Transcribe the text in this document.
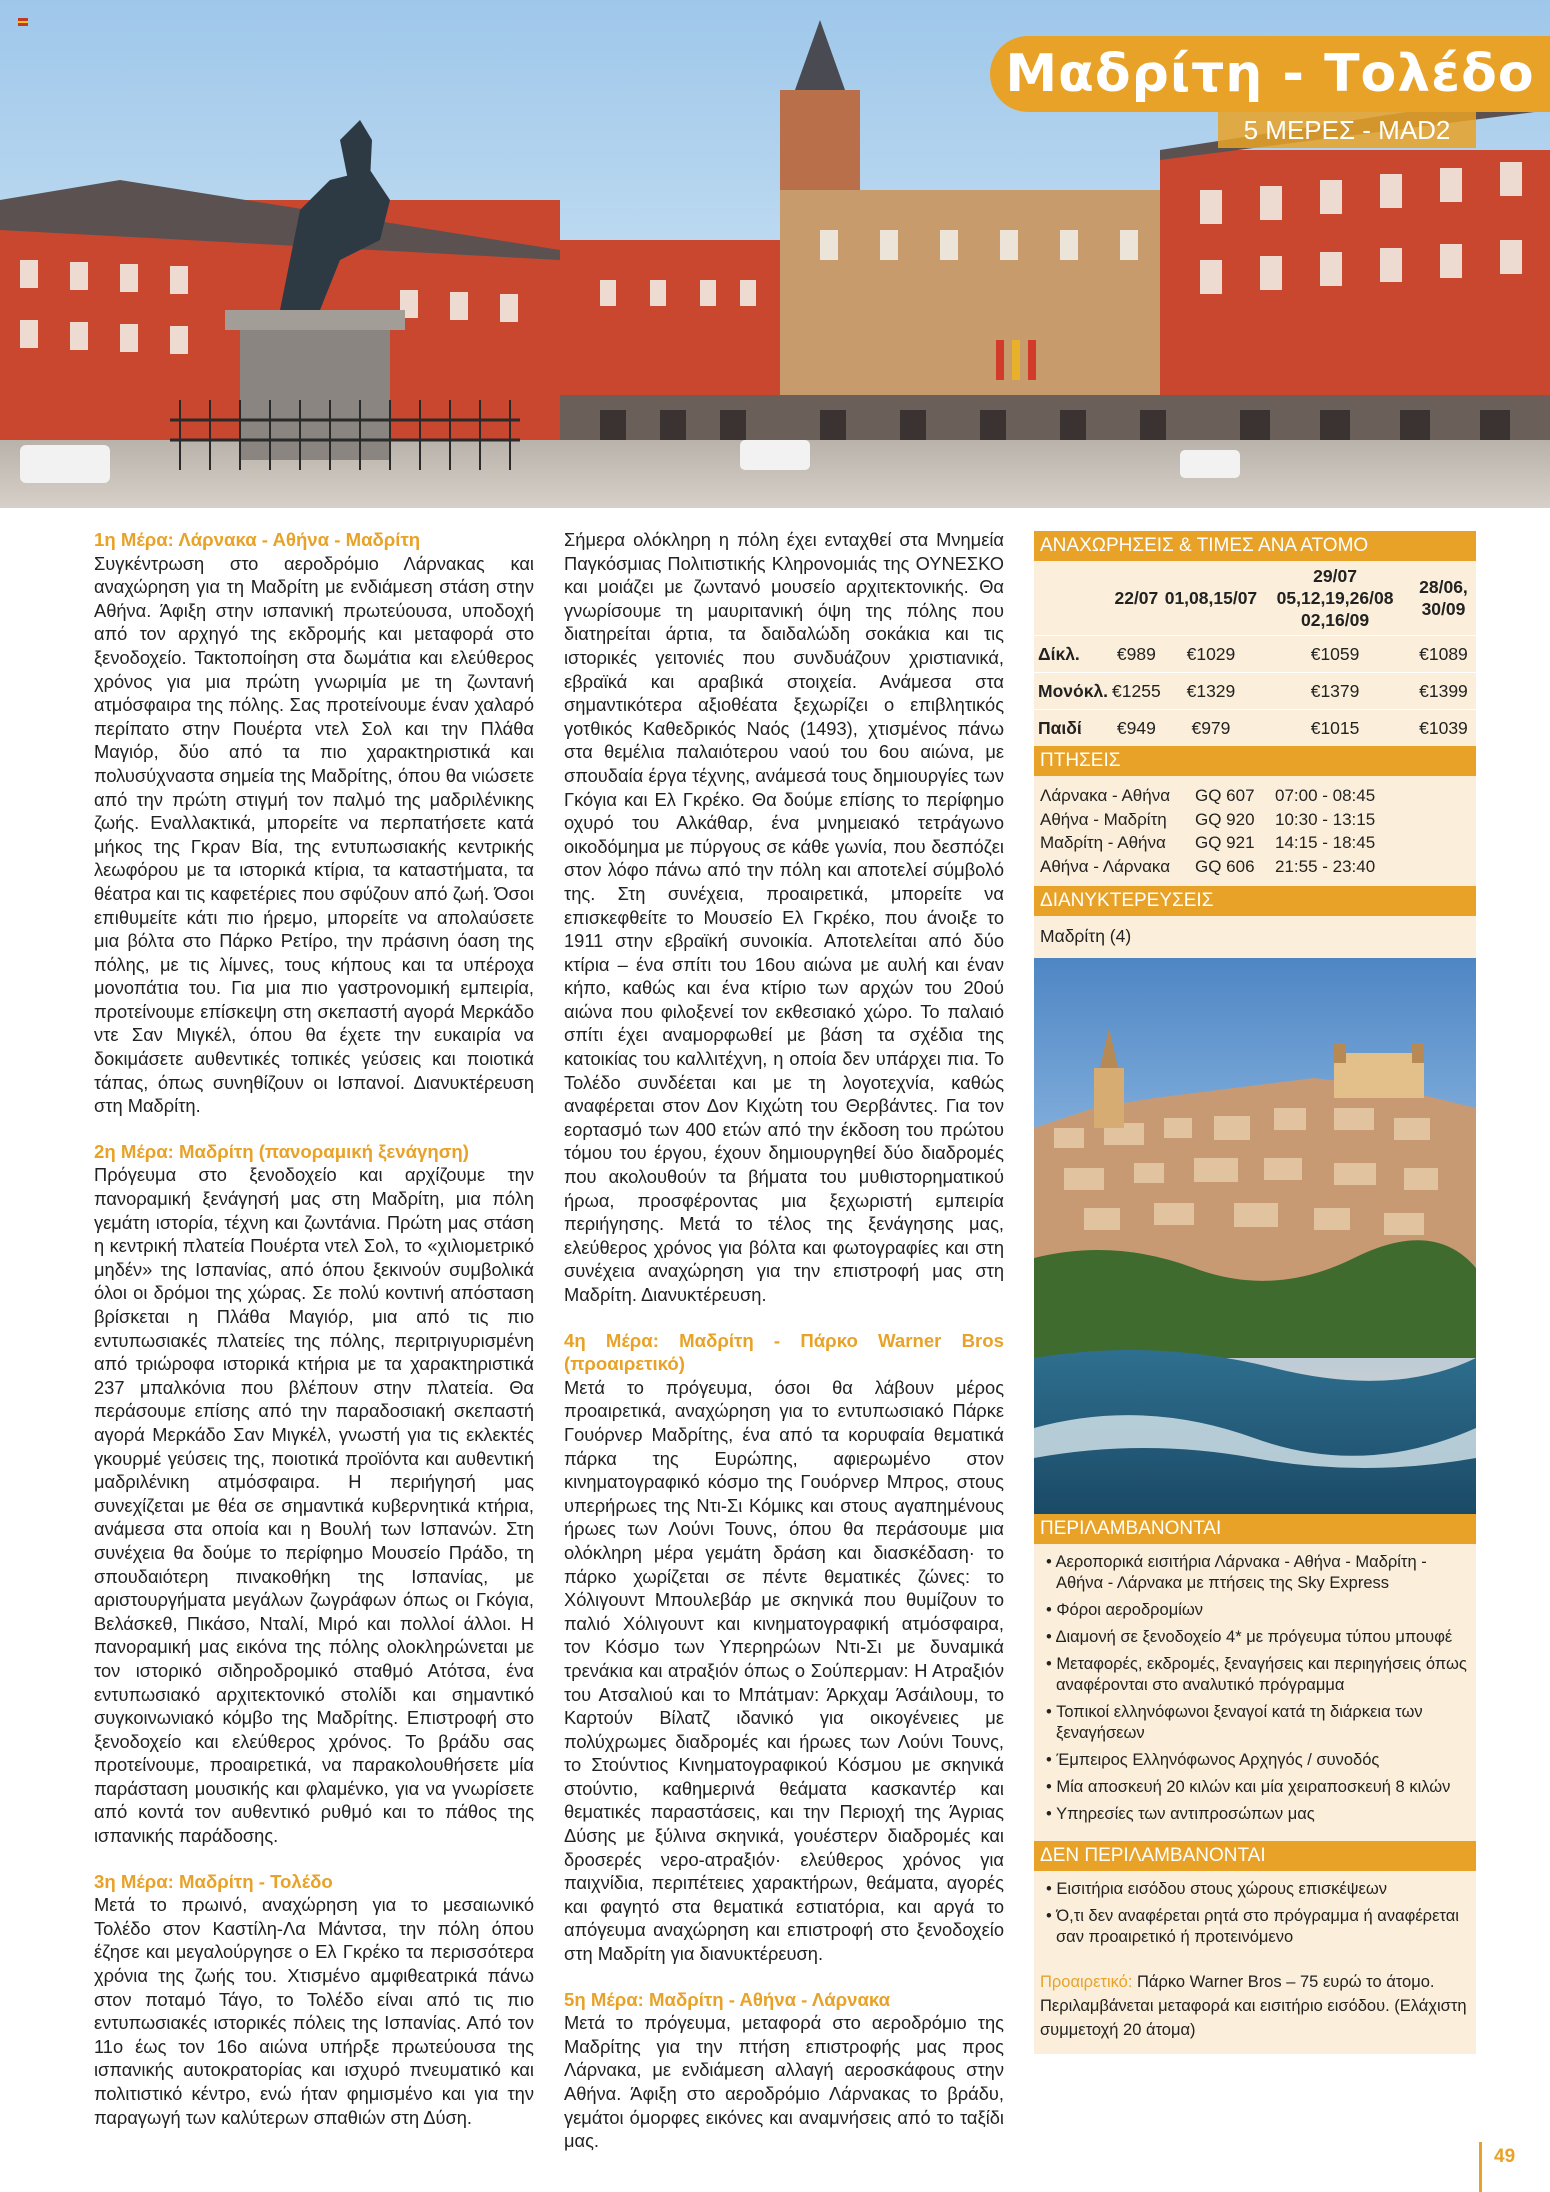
Μαδρίτη - Τολέδο
5 ΜΕΡΕΣ - MAD2
1η Μέρα: Λάρνακα - Αθήνα - Μαδρίτη

Συγκέντρωση στο αεροδρόμιο Λάρνακας και αναχώρηση για τη Μαδρίτη με ενδιάμεση στάση στην Αθήνα. Άφιξη στην ισπανική πρωτεύουσα, υποδοχή από τον αρχηγό της εκδρομής και μεταφορά στο ξενοδοχείο. Τακτοποίηση στα δωμάτια και ελεύθερος χρόνος για μια πρώτη γνωριμία με τη ζωντανή ατμόσφαιρα της πόλης. Σας προτείνουμε έναν χαλαρό περίπατο στην Πουέρτα ντελ Σολ και την Πλάθα Μαγιόρ, δύο από τα πιο χαρακτηριστικά και πολυσύχναστα σημεία της Μαδρίτης, όπου θα νιώσετε από την πρώτη στιγμή τον παλμό της μαδριλένικης ζωής. Εναλλακτικά, μπορείτε να περπατήσετε κατά μήκος της Γκραν Βία, της εντυπωσιακής κεντρικής λεωφόρου με τα ιστορικά κτίρια, τα καταστήματα, τα θέατρα και τις καφετέριες που σφύζουν από ζωή. Όσοι επιθυμείτε κάτι πιο ήρεμο, μπορείτε να απολαύσετε μια βόλτα στο Πάρκο Ρετίρο, την πράσινη όαση της πόλης, με τις λίμνες, τους κήπους και τα υπέροχα μονοπάτια του. Για μια πιο γαστρονομική εμπειρία, προτείνουμε επίσκεψη στη σκεπαστή αγορά Μερκάδο ντε Σαν Μιγκέλ, όπου θα έχετε την ευκαιρία να δοκιμάσετε αυθεντικές τοπικές γεύσεις και ποιοτικά τάπας, όπως συνηθίζουν οι Ισπανοί. Διανυκτέρευση στη Μαδρίτη.

2η Μέρα: Μαδρίτη (πανοραμική ξενάγηση)

Πρόγευμα στο ξενοδοχείο και αρχίζουμε την πανοραμική ξενάγησή μας στη Μαδρίτη, μια πόλη γεμάτη ιστορία, τέχνη και ζωντάνια. Πρώτη μας στάση η κεντρική πλατεία Πουέρτα ντελ Σολ, το «χιλιομετρικό μηδέν» της Ισπανίας, από όπου ξεκινούν συμβολικά όλοι οι δρόμοι της χώρας. Σε πολύ κοντινή απόσταση βρίσκεται η Πλάθα Μαγιόρ, μια από τις πιο εντυπωσιακές πλατείες της πόλης, περιτριγυρισμένη από τριώροφα ιστορικά κτήρια με τα χαρακτηριστικά 237 μπαλκόνια που βλέπουν στην πλατεία. Θα περάσουμε επίσης από την παραδοσιακή σκεπαστή αγορά Μερκάδο Σαν Μιγκέλ, γνωστή για τις εκλεκτές γκουρμέ γεύσεις της, ποιοτικά προϊόντα και αυθεντική μαδριλένικη ατμόσφαιρα. Η περιήγησή μας συνεχίζεται με θέα σε σημαντικά κυβερνητικά κτήρια, ανάμεσα στα οποία και η Βουλή των Ισπανών. Στη συνέχεια θα δούμε το περίφημο Μουσείο Πράδο, τη σπουδαιότερη πινακοθήκη της Ισπανίας, με αριστουργήματα μεγάλων ζωγράφων όπως οι Γκόγια, Βελάσκεθ, Πικάσο, Νταλί, Μιρό και πολλοί άλλοι. Η πανοραμική μας εικόνα της πόλης ολοκληρώνεται με τον ιστορικό σιδηροδρομικό σταθμό Ατότσα, ένα εντυπωσιακό αρχιτεκτονικό στολίδι και σημαντικό συγκοινωνιακό κόμβο της Μαδρίτης. Επιστροφή στο ξενοδοχείο και ελεύθερος χρόνος. Το βράδυ σας προτείνουμε, προαιρετικά, να παρακολουθήσετε μία παράσταση μουσικής και φλαμένκο, για να γνωρίσετε από κοντά τον αυθεντικό ρυθμό και το πάθος της ισπανικής παράδοσης.

3η Μέρα: Μαδρίτη - Τολέδο

Μετά το πρωινό, αναχώρηση για το μεσαιωνικό Τολέδο στον Καστίλη-Λα Μάντσα, την πόλη όπου έζησε και μεγαλούργησε ο Ελ Γκρέκο τα περισσότερα χρόνια της ζωής του. Χτισμένο αμφιθεατρικά πάνω στον ποταμό Τάγο, το Τολέδο είναι από τις πιο εντυπωσιακές ιστορικές πόλεις της Ισπανίας. Από τον 11ο έως τον 16ο αιώνα υπήρξε πρωτεύουσα της ισπανικής αυτοκρατορίας και ισχυρό πνευματικό και πολιτιστικό κέντρο, ενώ ήταν φημισμένο και για την παραγωγή των καλύτερων σπαθιών στη Δύση.

Σήμερα ολόκληρη η πόλη έχει ενταχθεί στα Μνημεία Παγκόσμιας Πολιτιστικής Κληρονομιάς της ΟΥΝΕΣΚΟ και μοιάζει με ζωντανό μουσείο αρχιτεκτονικής. Θα γνωρίσουμε τη μαυριτανική όψη της πόλης που διατηρείται άρτια, τα δαιδαλώδη σοκάκια και τις ιστορικές γειτονιές που συνδυάζουν χριστιανικά, εβραϊκά και αραβικά στοιχεία. Ανάμεσα στα σημαντικότερα αξιοθέατα ξεχωρίζει ο επιβλητικός γοτθικός Καθεδρικός Ναός (1493), χτισμένος πάνω στα θεμέλια παλαιότερου ναού του 6ου αιώνα, με σπουδαία έργα τέχνης, ανάμεσά τους δημιουργίες των Γκόγια και Ελ Γκρέκο. Θα δούμε επίσης το περίφημο οχυρό του Αλκάθαρ, ένα μνημειακό τετράγωνο οικοδόμημα με πύργους σε κάθε γωνία, που δεσπόζει στον λόφο πάνω από την πόλη και αποτελεί σύμβολό της. Στη συνέχεια, προαιρετικά, μπορείτε να επισκεφθείτε το Μουσείο Ελ Γκρέκο, που άνοιξε το 1911 στην εβραϊκή συνοικία. Αποτελείται από δύο κτίρια – ένα σπίτι του 16ου αιώνα με αυλή και έναν κήπο, καθώς και ένα κτίριο των αρχών του 20ού αιώνα που φιλοξενεί τον εκθεσιακό χώρο. Το παλαιό σπίτι έχει αναμορφωθεί με βάση τα σχέδια της κατοικίας του καλλιτέχνη, η οποία δεν υπάρχει πια. Το Τολέδο συνδέεται και με τη λογοτεχνία, καθώς αναφέρεται στον Δον Κιχώτη του Θερβάντες. Για τον εορτασμό των 400 ετών από την έκδοση του πρώτου τόμου του έργου, έχουν δημιουργηθεί δύο διαδρομές που ακολουθούν τα βήματα του μυθιστορηματικού ήρωα, προσφέροντας μια ξεχωριστή εμπειρία περιήγησης. Μετά το τέλος της ξενάγησης μας, ελεύθερος χρόνος για βόλτα και φωτογραφίες και στη συνέχεια αναχώρηση για την επιστροφή μας στη Μαδρίτη. Διανυκτέρευση.

4η Μέρα: Μαδρίτη - Πάρκο Warner Bros (προαιρετικό)

Μετά το πρόγευμα, όσοι θα λάβουν μέρος προαιρετικά, αναχώρηση για το εντυπωσιακό Πάρκε Γουόρνερ Μαδρίτης, ένα από τα κορυφαία θεματικά πάρκα της Ευρώπης, αφιερωμένο στον κινηματογραφικό κόσμο της Γουόρνερ Μπρος, στους υπερήρωες της Ντι-Σι Κόμικς και στους αγαπημένους ήρωες των Λούνι Τουνς, όπου θα περάσουμε μια ολόκληρη μέρα γεμάτη δράση και διασκέδαση· το πάρκο χωρίζεται σε πέντε θεματικές ζώνες: το Χόλιγουντ Μπουλεβάρ με σκηνικά που θυμίζουν το παλιό Χόλιγουντ και κινηματογραφική ατμόσφαιρα, τον Κόσμο των Υπερηρώων Ντι-Σι με δυναμικά τρενάκια και ατραξιόν όπως ο Σούπερμαν: Η Ατραξιόν του Ατσαλιού και το Μπάτμαν: Άρκχαμ Άσάιλουμ, το Καρτούν Βίλατζ ιδανικό για οικογένειες με πολύχρωμες διαδρομές και ήρωες των Λούνι Τουνς, το Στούντιος Κινηματογραφικού Κόσμου με σκηνικά στούντιο, καθημερινά θεάματα κασκαντέρ και θεματικές παραστάσεις, και την Περιοχή της Άγριας Δύσης με ξύλινα σκηνικά, γουέστερν διαδρομές και δροσερές νερο-ατραξιόν· ελεύθερος χρόνος για παιχνίδια, περιπέτειες χαρακτήρων, θεάματα, αγορές και φαγητό στα θεματικά εστιατόρια, και αργά το απόγευμα αναχώρηση και επιστροφή στο ξενοδοχείο στη Μαδρίτη για διανυκτέρευση.

5η Μέρα: Μαδρίτη - Αθήνα - Λάρνακα

Μετά το πρόγευμα, μεταφορά στο αεροδρόμιο της Μαδρίτης για την πτήση επιστροφής μας προς Λάρνακα, με ενδιάμεση αλλαγή αεροσκάφους στην Αθήνα. Άφιξη στο αεροδρόμιο Λάρνακας το βράδυ, γεμάτοι όμορφες εικόνες και αναμνήσεις από το ταξίδι μας.

ΑΝΑΧΩΡΗΣΕΙΣ & ΤΙΜΕΣ ΑΝΑ ΑΤΟΜΟ
	22/07	01,08,15/07	29/07 05,12,19,26/08 02,16/09	28/06, 30/09
Δίκλ.	€989	€1029	€1059	€1089
Μονόκλ.	€1255	€1329	€1379	€1399
Παιδί	€949	€979	€1015	€1039
ΠΤΗΣΕΙΣ
Λάρνακα - Αθήνα	GQ 607	07:00 - 08:45
Αθήνα - Μαδρίτη	GQ 920	10:30 - 13:15
Μαδρίτη - Αθήνα	GQ 921	14:15 - 18:45
Αθήνα - Λάρνακα	GQ 606	21:55 - 23:40
ΔΙΑΝΥΚΤΕΡΕΥΣΕΙΣ
Μαδρίτη (4)
ΠΕΡΙΛΑΜΒΑΝΟΝΤΑΙ
• Αεροπορικά εισιτήρια Λάρνακα - Αθήνα - Μαδρίτη - Αθήνα - Λάρνακα με πτήσεις της Sky Express
• Φόροι αεροδρομίων
• Διαμονή σε ξενοδοχείο 4* με πρόγευμα τύπου μπουφέ
• Μεταφορές, εκδρομές, ξεναγήσεις και περιηγήσεις όπως αναφέρονται στο αναλυτικό πρόγραμμα
• Τοπικοί ελληνόφωνοι ξεναγοί κατά τη διάρκεια των ξεναγήσεων
• Έμπειρος Ελληνόφωνος Αρχηγός / συνοδός
• Μία αποσκευή 20 κιλών και μία χειραποσκευή 8 κιλών
• Υπηρεσίες των αντιπροσώπων μας
ΔΕΝ ΠΕΡΙΛΑΜΒΑΝΟΝΤΑΙ
• Εισιτήρια εισόδου στους χώρους επισκέψεων
• Ό,τι δεν αναφέρεται ρητά στο πρόγραμμα ή αναφέρεται σαν προαιρετικό ή προτεινόμενο
Προαιρετικό: Πάρκο Warner Bros – 75 ευρώ το άτομο. Περιλαμβάνεται μεταφορά και εισιτήριο εισόδου. (Ελάχιστη συμμετοχή 20 άτομα)
49
